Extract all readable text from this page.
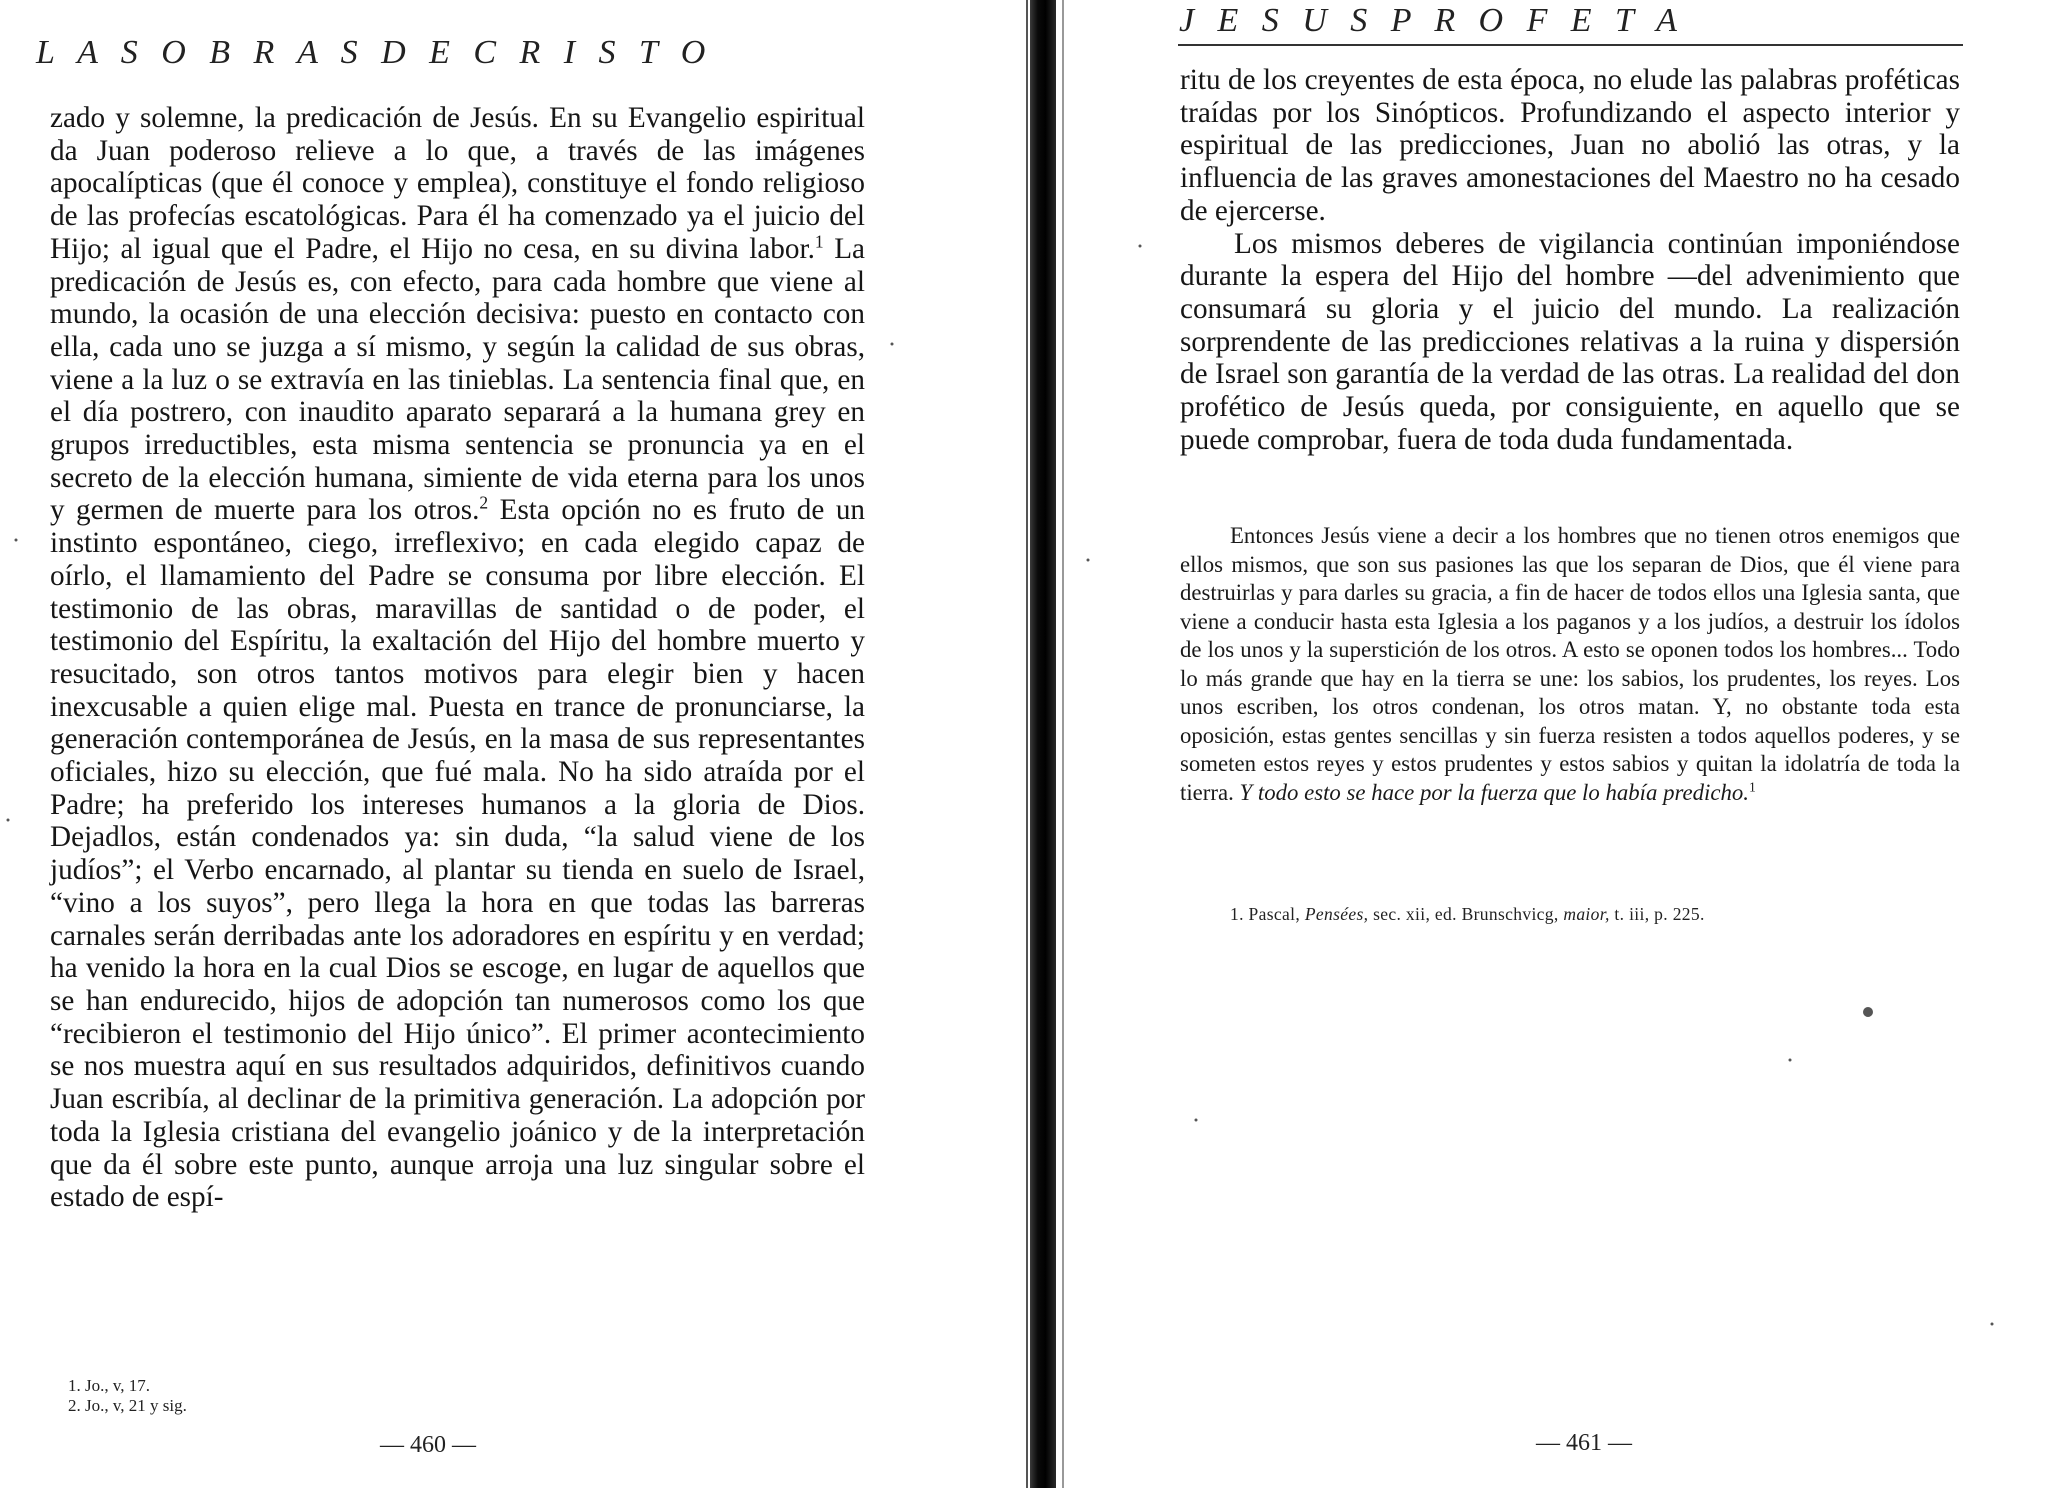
L A S O B R A S D E C R I S T O

zado y solemne, la predicación de Jesús. En su Evangelio espiritual da Juan poderoso relieve a lo que, a través de las imágenes apocalípticas (que él conoce y emplea), constituye el fondo religioso de las profecías escatológicas. Para él ha comenzado ya el juicio del Hijo; al igual que el Padre, el Hijo no cesa, en su divina labor.$^1$ La predicación de Jesús es, con efecto, para cada hombre que viene al mundo, la ocasión de una elección decisiva: puesto en contacto con ella, cada uno se juzga a sí mismo, y según la calidad de sus obras, viene a la luz o se extravía en las tinieblas. La sentencia final que, en el día postrero, con inaudito aparato separará a la humana grey en grupos irreductibles, esta misma sentencia se pronuncia ya en el secreto de la elección humana, simiente de vida eterna para los unos y germen de muerte para los otros.$^2$ Esta opción no es fruto de un instinto espontáneo, ciego, irreflexivo; en cada elegido capaz de oírlo, el llamamiento del Padre se consuma por libre elección. El testimonio de las obras, maravillas de santidad o de poder, el testimonio del Espíritu, la exaltación del Hijo del hombre muerto y resucitado, son otros tantos motivos para elegir bien y hacen inexcusable a quien elige mal. Puesta en trance de pronunciarse, la generación contemporánea de Jesús, en la masa de sus representantes oficiales, hizo su elección, que fué mala. No ha sido atraída por el Padre; ha preferido los intereses humanos a la gloria de Dios. Dejadlos, están condenados ya: sin duda, “la salud viene de los judíos”; el Verbo encarnado, al plantar su tienda en suelo de Israel, “vino a los suyos”, pero llega la hora en que todas las barreras carnales serán derribadas ante los adoradores en espíritu y en verdad; ha venido la hora en la cual Dios se escoge, en lugar de aquellos que se han endurecido, hijos de adopción tan numerosos como los que “recibieron el testimonio del Hijo único”. El primer acontecimiento se nos muestra aquí en sus resultados adquiridos, definitivos cuando Juan escribía, al declinar de la primitiva generación. La adopción por toda la Iglesia cristiana del evangelio joánico y de la interpretación que da él sobre este punto, aunque arroja una luz singular sobre el estado de espí-

1. Jo., v, 17.
2. Jo., v, 21 y sig.
— 460 —
J E S U S P R O F E T A

ritu de los creyentes de esta época, no elude las palabras proféticas traídas por los Sinópticos. Profundizando el aspecto interior y espiritual de las predicciones, Juan no abolió las otras, y la influencia de las graves amonestaciones del Maestro no ha cesado de ejercerse.

Los mismos deberes de vigilancia continúan imponiéndose durante la espera del Hijo del hombre —del advenimiento que consumará su gloria y el juicio del mundo. La realización sorprendente de las predicciones relativas a la ruina y dispersión de Israel son garantía de la verdad de las otras. La realidad del don profético de Jesús queda, por consiguiente, en aquello que se puede comprobar, fuera de toda duda fundamentada.

Entonces Jesús viene a decir a los hombres que no tienen otros enemigos que ellos mismos, que son sus pasiones las que los separan de Dios, que él viene para destruirlas y para darles su gracia, a fin de hacer de todos ellos una Iglesia santa, que viene a conducir hasta esta Iglesia a los paganos y a los judíos, a destruir los ídolos de los unos y la superstición de los otros. A esto se oponen todos los hombres... Todo lo más grande que hay en la tierra se une: los sabios, los prudentes, los reyes. Los unos escriben, los otros condenan, los otros matan. Y, no obstante toda esta oposición, estas gentes sencillas y sin fuerza resisten a todos aquellos poderes, y se someten estos reyes y estos prudentes y estos sabios y quitan la idolatría de toda la tierra. Y todo esto se hace por la fuerza que lo había predicho.$^1$

1. Pascal, Pensées, sec. xii, ed. Brunschvicg, maior, t. iii, p. 225.
— 461 —
